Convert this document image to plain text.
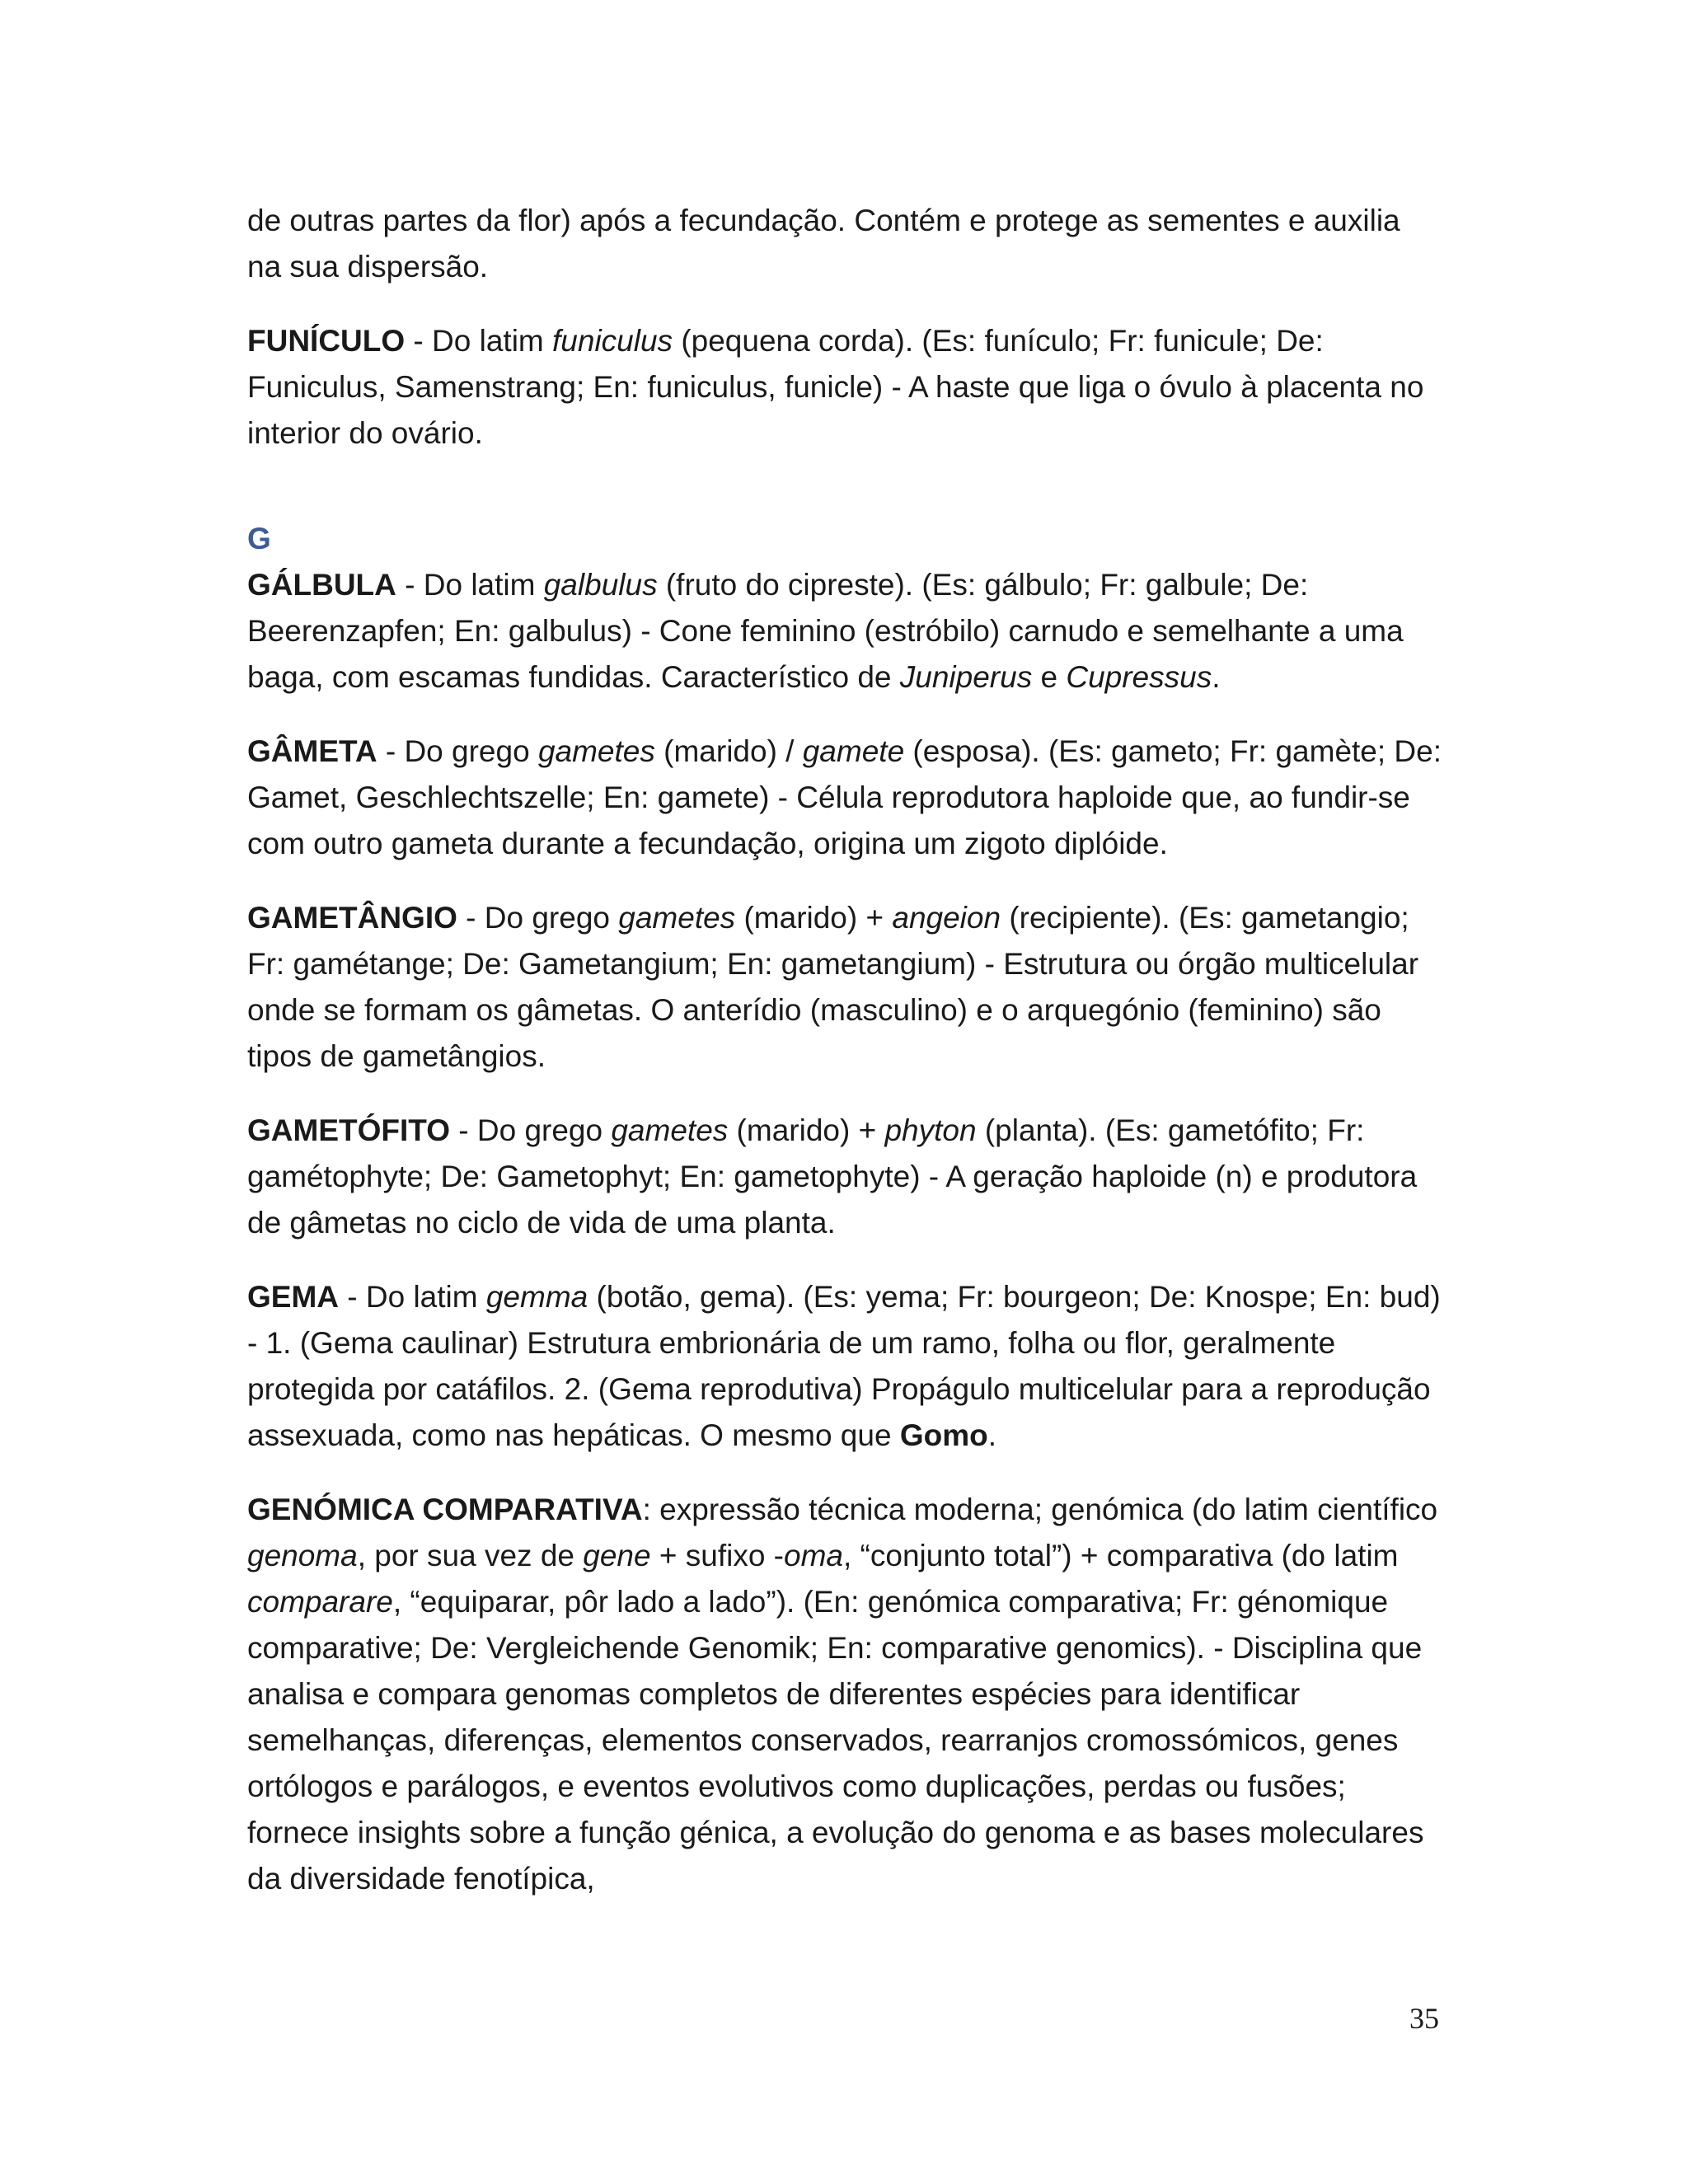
de outras partes da flor) após a fecundação. Contém e protege as sementes e auxilia na sua dispersão.

FUNÍCULO - Do latim funiculus (pequena corda). (Es: funículo; Fr: funicule; De: Funiculus, Samenstrang; En: funiculus, funicle) - A haste que liga o óvulo à placenta no interior do ovário.

G

GÁLBULA - Do latim galbulus (fruto do cipreste). (Es: gálbulo; Fr: galbule; De: Beerenzapfen; En: galbulus) - Cone feminino (estróbilo) carnudo e semelhante a uma baga, com escamas fundidas. Característico de Juniperus e Cupressus.

GÂMETA - Do grego gametes (marido) / gamete (esposa). (Es: gameto; Fr: gamète; De: Gamet, Geschlechtszelle; En: gamete) - Célula reprodutora haploide que, ao fundir-se com outro gameta durante a fecundação, origina um zigoto diplóide.

GAMETÂNGIO - Do grego gametes (marido) + angeion (recipiente). (Es: gametangio; Fr: gamétange; De: Gametangium; En: gametangium) - Estrutura ou órgão multicelular onde se formam os gâmetas. O anterídio (masculino) e o arquegónio (feminino) são tipos de gametângios.

GAMETÓFITO - Do grego gametes (marido) + phyton (planta). (Es: gametófito; Fr: gamétophyte; De: Gametophyt; En: gametophyte) - A geração haploide (n) e produtora de gâmetas no ciclo de vida de uma planta.

GEMA - Do latim gemma (botão, gema). (Es: yema; Fr: bourgeon; De: Knospe; En: bud) - 1. (Gema caulinar) Estrutura embrionária de um ramo, folha ou flor, geralmente protegida por catáfilos. 2. (Gema reprodutiva) Propágulo multicelular para a reprodução assexuada, como nas hepáticas. O mesmo que Gomo.

GENÓMICA COMPARATIVA: expressão técnica moderna; genómica (do latim científico genoma, por sua vez de gene + sufixo -oma, “conjunto total”) + comparativa (do latim comparare, “equiparar, pôr lado a lado”). (En: genómica comparativa; Fr: génomique comparative; De: Vergleichende Genomik; En: comparative genomics). - Disciplina que analisa e compara genomas completos de diferentes espécies para identificar semelhanças, diferenças, elementos conservados, rearranjos cromossómicos, genes ortólogos e parálogos, e eventos evolutivos como duplicações, perdas ou fusões; fornece insights sobre a função génica, a evolução do genoma e as bases moleculares da diversidade fenotípica,

35
